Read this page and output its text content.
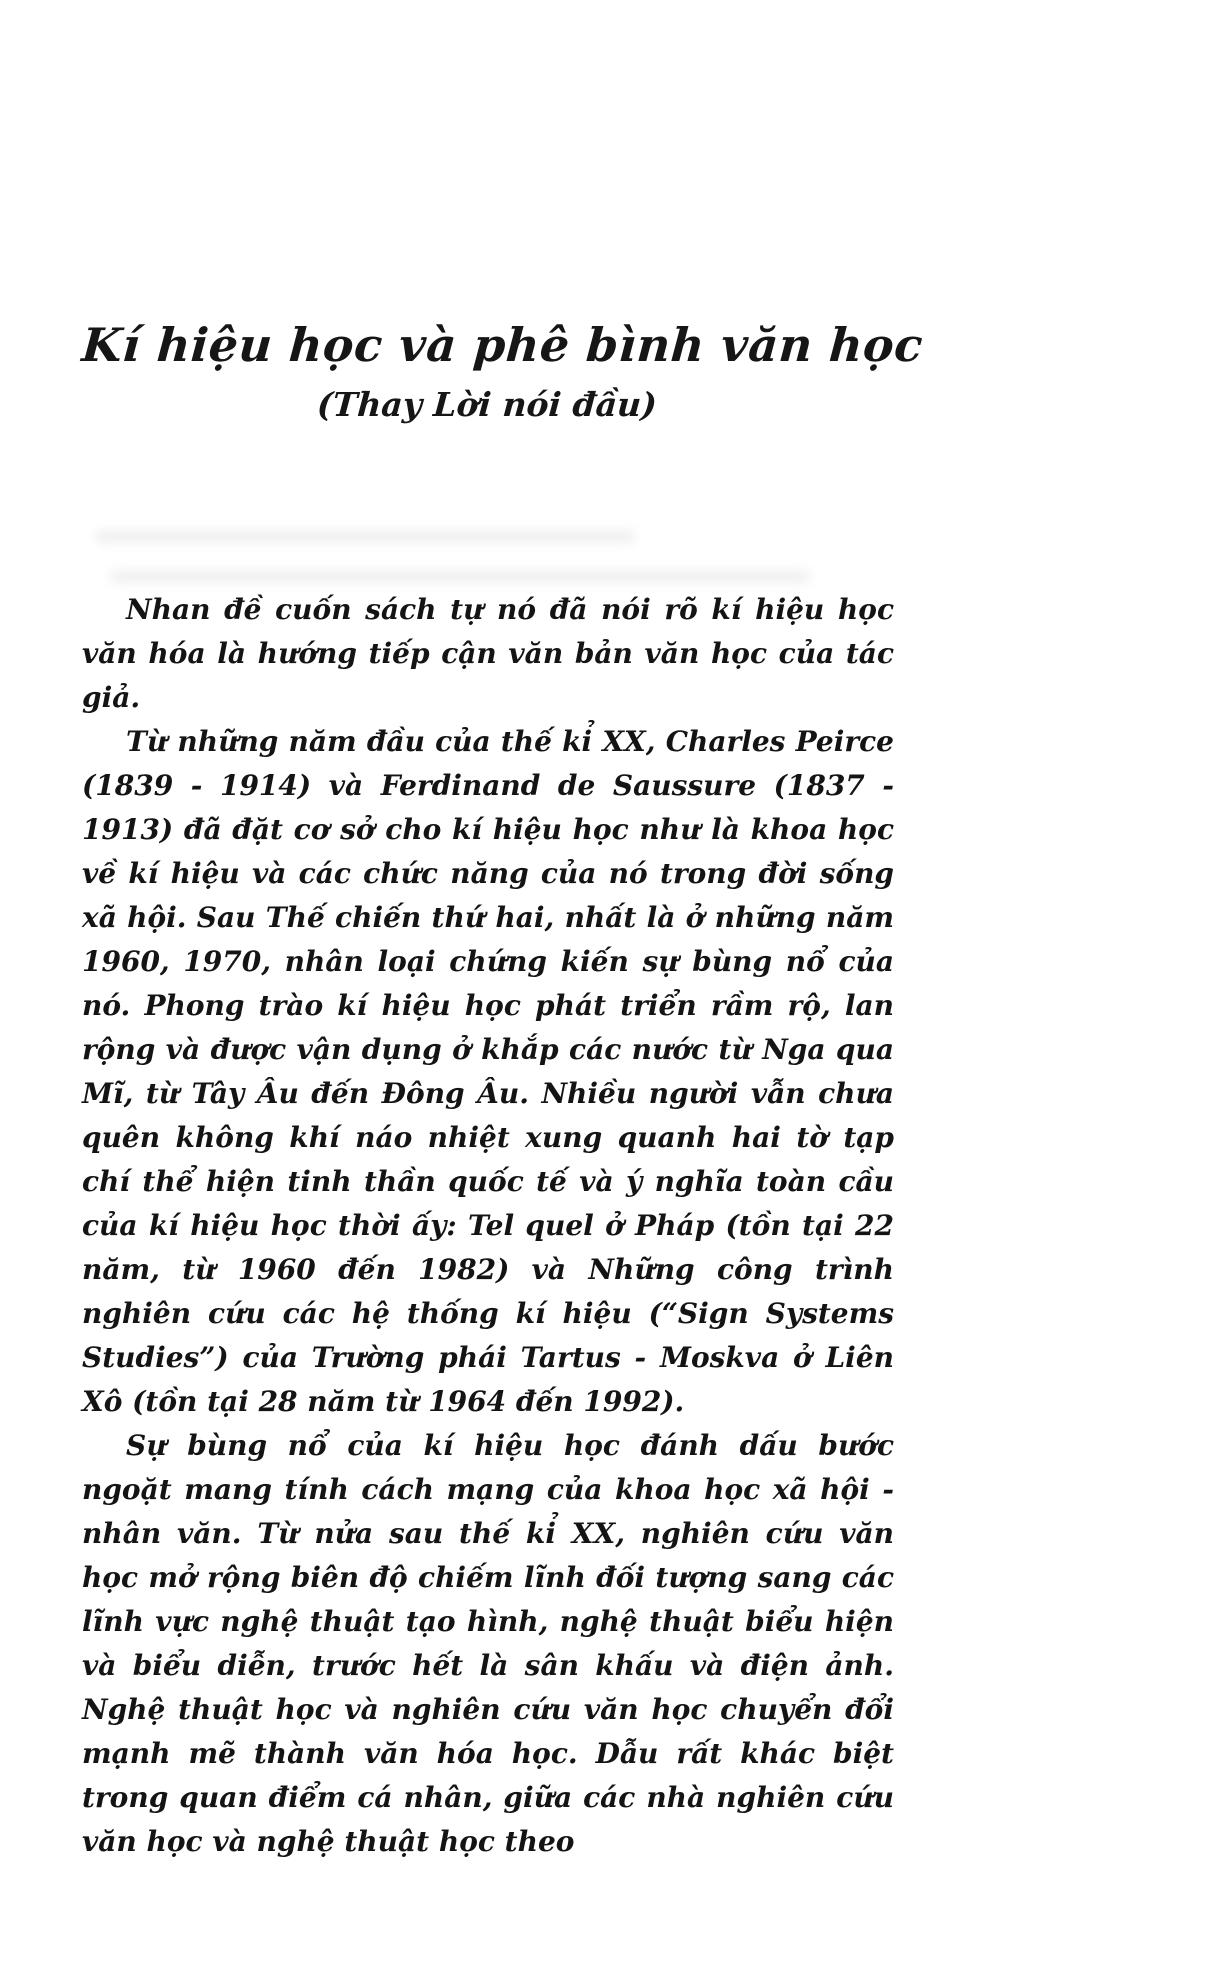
Kí hiệu học và phê bình văn học
(Thay Lời nói đầu)

Nhan đề cuốn sách tự nó đã nói rõ kí hiệu học văn hóa là hướng tiếp cận văn bản văn học của tác giả.

Từ những năm đầu của thế kỉ XX, Charles Peirce (1839 - 1914) và Ferdinand de Saussure (1837 - 1913) đã đặt cơ sở cho kí hiệu học như là khoa học về kí hiệu và các chức năng của nó trong đời sống xã hội. Sau Thế chiến thứ hai, nhất là ở những năm 1960, 1970, nhân loại chứng kiến sự bùng nổ của nó. Phong trào kí hiệu học phát triển rầm rộ, lan rộng và được vận dụng ở khắp các nước từ Nga qua Mĩ, từ Tây Âu đến Đông Âu. Nhiều người vẫn chưa quên không khí náo nhiệt xung quanh hai tờ tạp chí thể hiện tinh thần quốc tế và ý nghĩa toàn cầu của kí hiệu học thời ấy: Tel quel ở Pháp (tồn tại 22 năm, từ 1960 đến 1982) và Những công trình nghiên cứu các hệ thống kí hiệu (“Sign Systems Studies”) của Trường phái Tartus - Moskva ở Liên Xô (tồn tại 28 năm từ 1964 đến 1992).

Sự bùng nổ của kí hiệu học đánh dấu bước ngoặt mang tính cách mạng của khoa học xã hội - nhân văn. Từ nửa sau thế kỉ XX, nghiên cứu văn học mở rộng biên độ chiếm lĩnh đối tượng sang các lĩnh vực nghệ thuật tạo hình, nghệ thuật biểu hiện và biểu diễn, trước hết là sân khấu và điện ảnh. Nghệ thuật học và nghiên cứu văn học chuyển đổi mạnh mẽ thành văn hóa học. Dẫu rất khác biệt trong quan điểm cá nhân, giữa các nhà nghiên cứu văn học và nghệ thuật học theo
